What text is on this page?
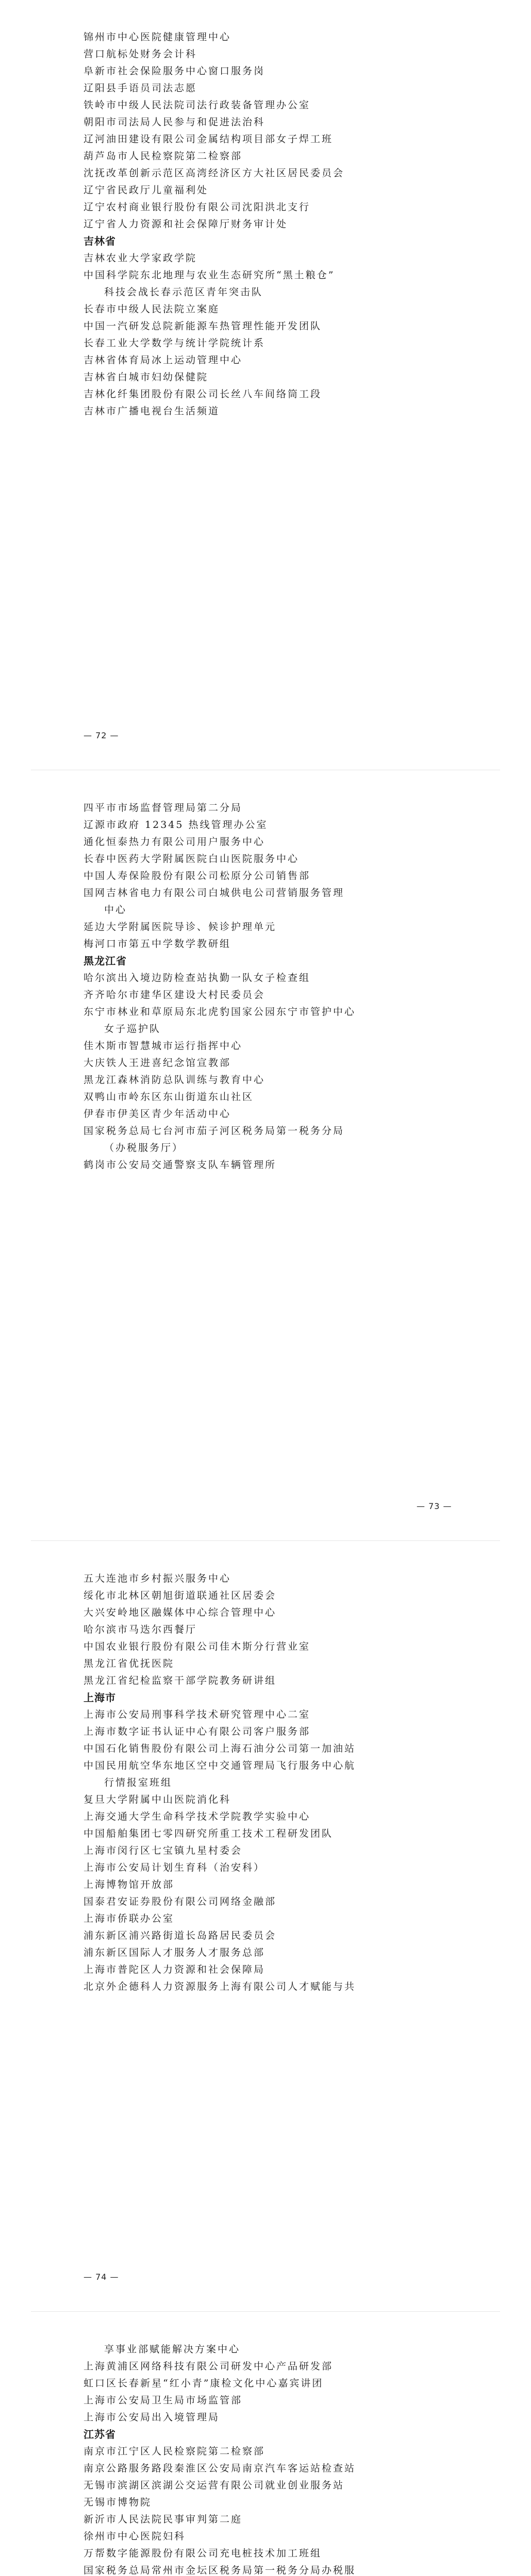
锦州市中心医院健康管理中心
营口航标处财务会计科
阜新市社会保险服务中心窗口服务岗
辽阳县手语员司法志愿
铁岭市中级人民法院司法行政装备管理办公室
朝阳市司法局人民参与和促进法治科
辽河油田建设有限公司金属结构项目部女子焊工班
葫芦岛市人民检察院第二检察部
沈抚改革创新示范区高湾经济区方大社区居民委员会
辽宁省民政厅儿童福利处
辽宁农村商业银行股份有限公司沈阳洪北支行
辽宁省人力资源和社会保障厅财务审计处
吉林省
吉林农业大学家政学院
中国科学院东北地理与农业生态研究所“黑土粮仓”
科技会战长春示范区青年突击队
长春市中级人民法院立案庭
中国一汽研发总院新能源车热管理性能开发团队
长春工业大学数学与统计学院统计系
吉林省体育局冰上运动管理中心
吉林省白城市妇幼保健院
吉林化纤集团股份有限公司长丝八车间络筒工段
吉林市广播电视台生活频道
— 72 —
四平市市场监督管理局第二分局
辽源市政府 12345 热线管理办公室
通化恒泰热力有限公司用户服务中心
长春中医药大学附属医院白山医院服务中心
中国人寿保险股份有限公司松原分公司销售部
国网吉林省电力有限公司白城供电公司营销服务管理
中心
延边大学附属医院导诊、候诊护理单元
梅河口市第五中学数学教研组
黑龙江省
哈尔滨出入境边防检查站执勤一队女子检查组
齐齐哈尔市建华区建设大村民委员会
东宁市林业和草原局东北虎豹国家公园东宁市管护中心
女子巡护队
佳木斯市智慧城市运行指挥中心
大庆铁人王进喜纪念馆宣教部
黑龙江森林消防总队训练与教育中心
双鸭山市岭东区东山街道东山社区
伊春市伊美区青少年活动中心
国家税务总局七台河市茄子河区税务局第一税务分局
（办税服务厅）
鹤岗市公安局交通警察支队车辆管理所
— 73 —
五大连池市乡村振兴服务中心
绥化市北林区朝旭街道联通社区居委会
大兴安岭地区融媒体中心综合管理中心
哈尔滨市马迭尔西餐厅
中国农业银行股份有限公司佳木斯分行营业室
黑龙江省优抚医院
黑龙江省纪检监察干部学院教务研讲组
上海市
上海市公安局刑事科学技术研究管理中心二室
上海市数字证书认证中心有限公司客户服务部
中国石化销售股份有限公司上海石油分公司第一加油站
中国民用航空华东地区空中交通管理局飞行服务中心航
行情报室班组
复旦大学附属中山医院消化科
上海交通大学生命科学技术学院教学实验中心
中国船舶集团七零四研究所重工技术工程研发团队
上海市闵行区七宝镇九星村委会
上海市公安局计划生育科（治安科）
上海博物馆开放部
国泰君安证券股份有限公司网络金融部
上海市侨联办公室
浦东新区浦兴路街道长岛路居民委员会
浦东新区国际人才服务人才服务总部
上海市普陀区人力资源和社会保障局
北京外企德科人力资源服务上海有限公司人才赋能与共
— 74 —
享事业部赋能解决方案中心
上海黄浦区网络科技有限公司研发中心产品研发部
虹口区长春新星“红小青”康检文化中心嘉宾讲团
上海市公安局卫生局市场监管部
上海市公安局出入境管理局
江苏省
南京市江宁区人民检察院第二检察部
南京公路服务路段秦淮区公安局南京汽车客运站检查站
无锡市滨湖区滨湖公交运营有限公司就业创业服务站
无锡市博物院
新沂市人民法院民事审判第二庭
徐州市中心医院妇科
万帮数字能源股份有限公司充电桩技术加工班组
国家税务总局常州市金坛区税务局第一税务分局办税服
